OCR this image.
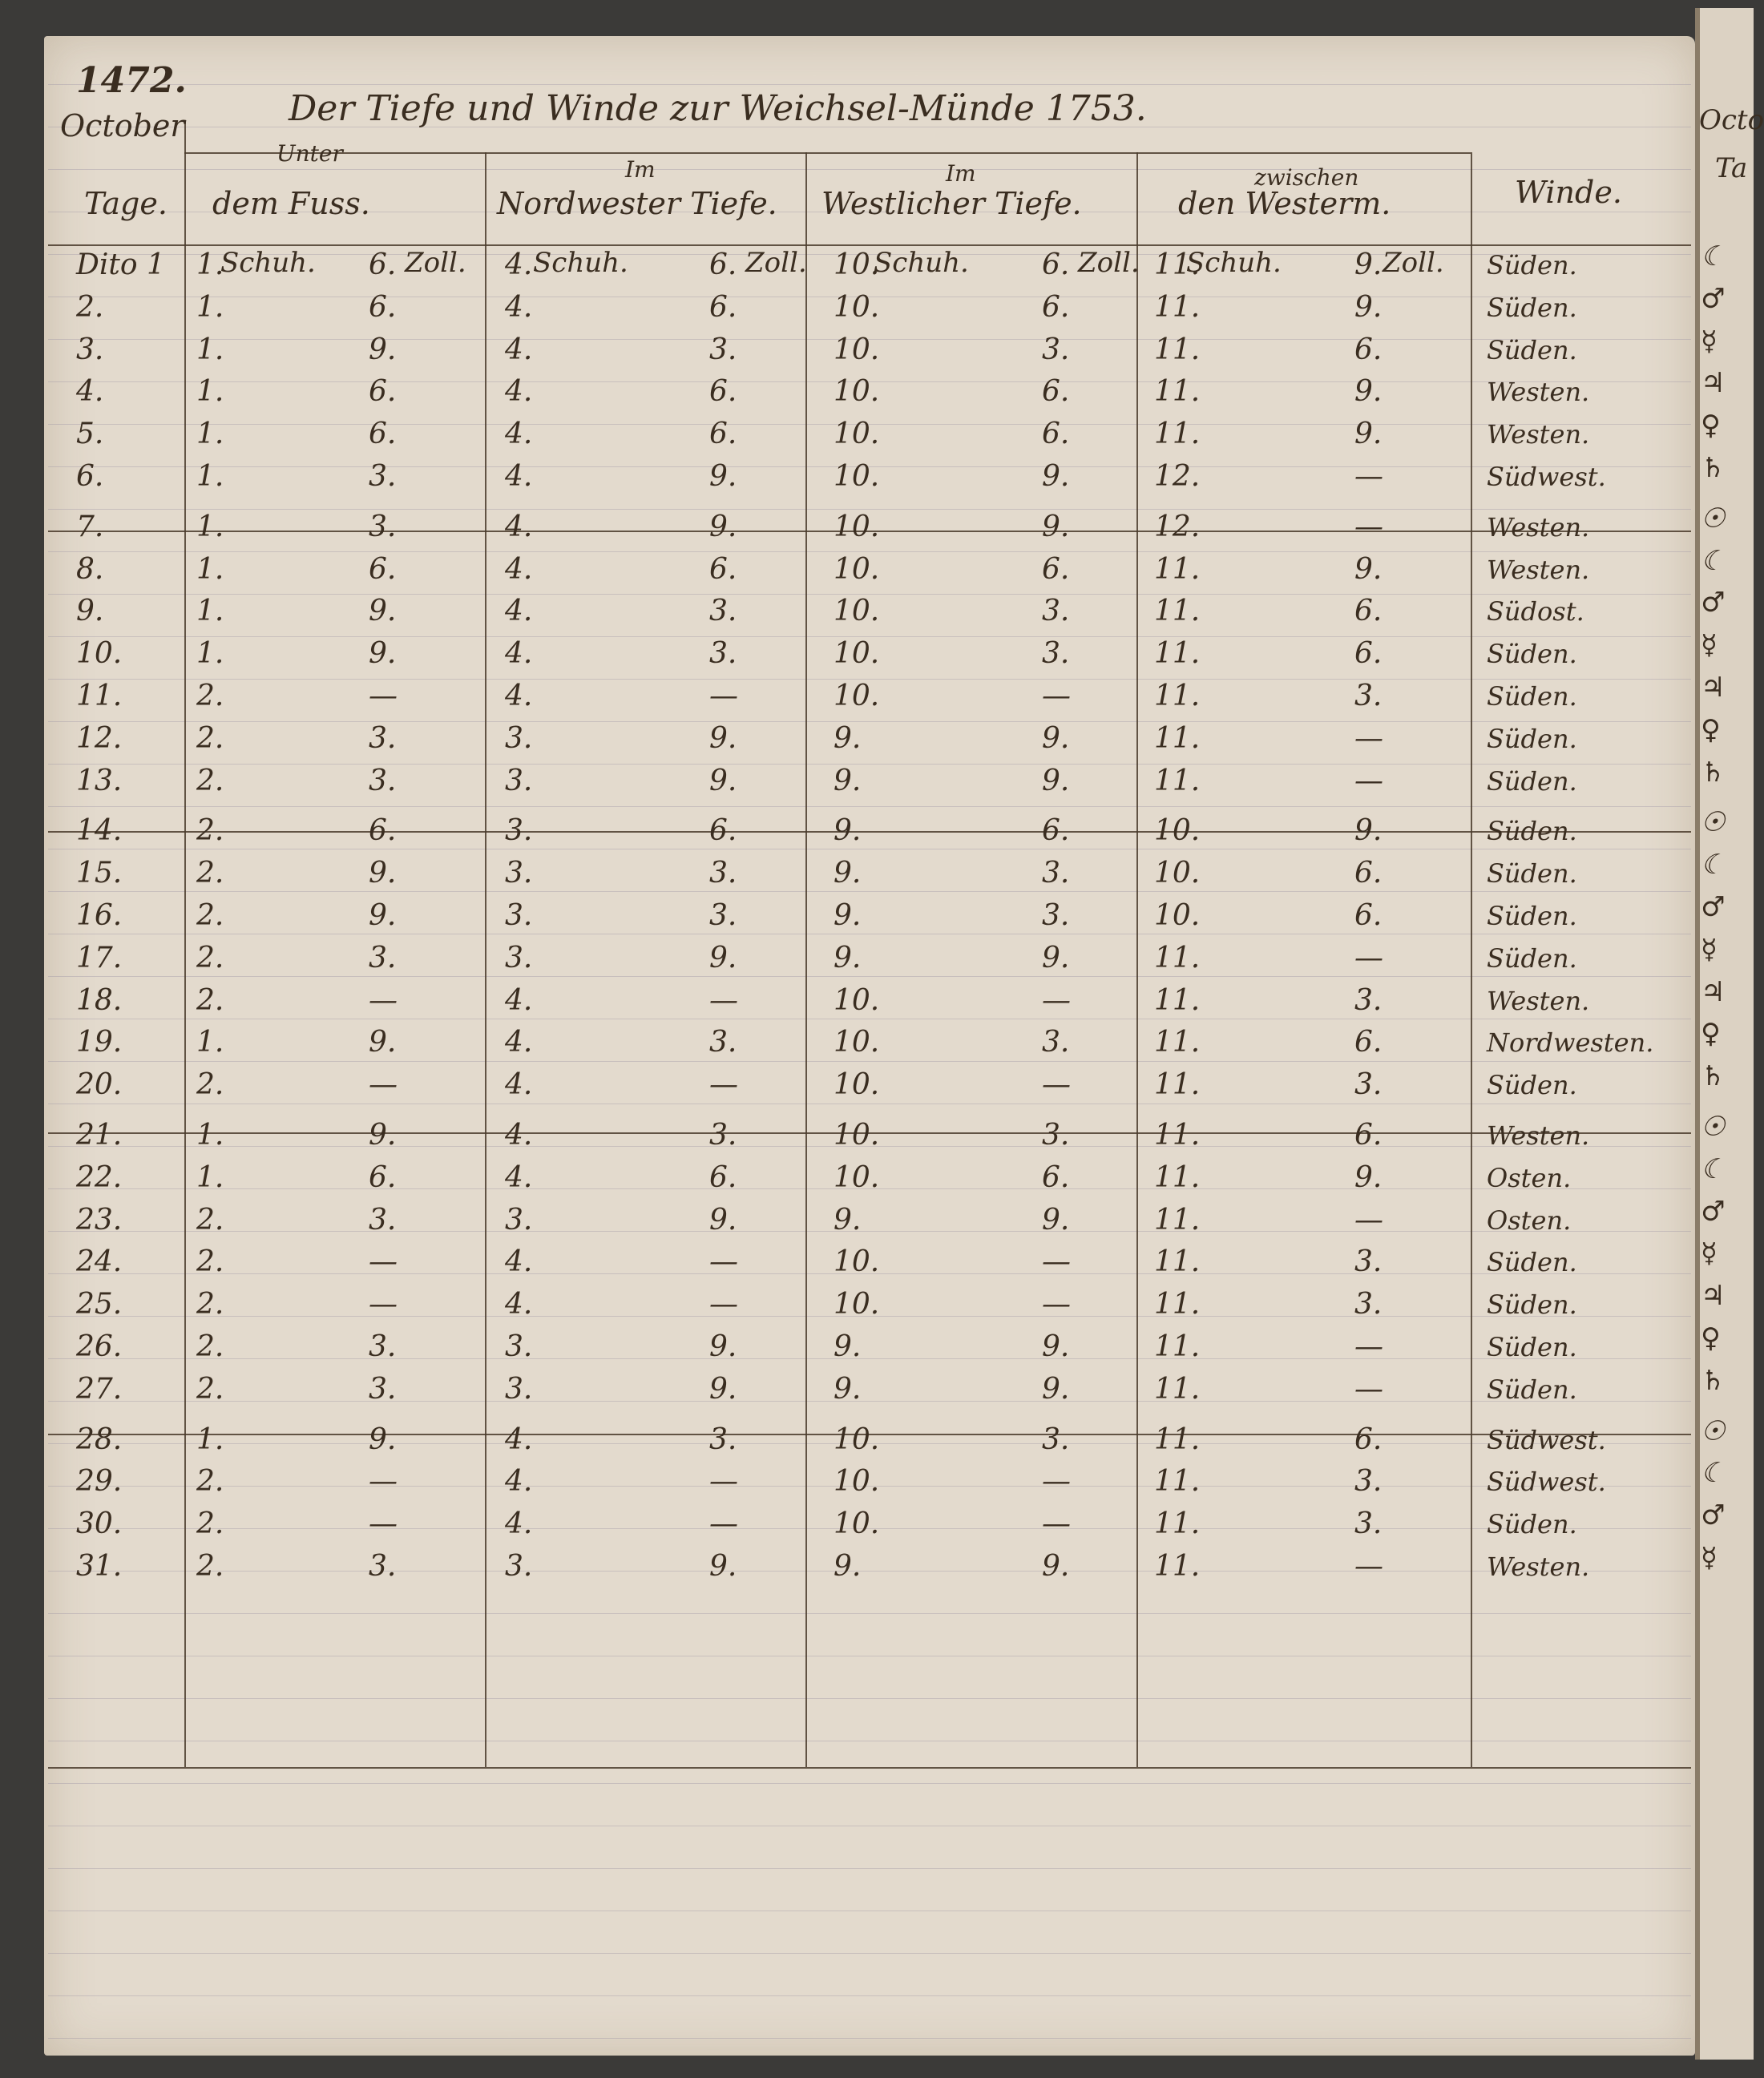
1472.
Der Tiefe und Winde zur Weichsel-Münde 1753.
October
Tage.
Unter
dem Fuss.
Im
Nordwester Tiefe.
Im
Westlicher Tiefe.
zwischen
den Westerm.	Winde.
Dito 1 1.	6.	4.	6.	10.	6.	11.	9.	Süden.
2.	1.	6.	4.	6.	10.	6.	11.	9.	Süden.
3.	1.	9.	4.	3.	10.	3.	11.	6.	Süden.
4.	1.	6.	4.	6.	10.	6.	11.	9.	Westen.
5.	1.	6.	4.	6.	10.	6.	11.	9.	Westen.
6.	1.	3.	4.	9.	10.	9.	12.	—	Südwest.
7.	1.	3.	4.	9.	10.	9.	12.	—	Westen.
8.	1.	6.	4.	6.	10.	6.	11.	9.	Westen.
9.	1.	9.	4.	3.	10.	3.	11.	6.	Südost.
10.	1.	9.	4.	3.	10.	3.	11.	6.	Süden.
11.	2.	—	4.	—	10.	—	11.	3.	Süden.
12.	2.	3.	3.	9.	9.	9.	11.	—	Süden.
13.	2.	3.	3.	9.	9.	9.	11.	—	Süden.
14.	2.	6.	3.	6.	9.	6.	10.	9.	Süden.
15.	2.	9.	3.	3.	9.	3.	10.	6.	Süden.
16.	2.	9.	3.	3.	9.	3.	10.	6.	Süden.
17.	2.	3.	3.	9.	9.	9.	11.	—	Süden.
18.	2.	—	4.	—	10.	—	11.	3.	Westen.
19.	1.	9.	4.	3.	10.	3.	11.	6.	Nordwesten.
20.	2.	—	4.	—	10.	—	11.	3.	Süden.
21.	1.	9.	4.	3.	10.	3.	11.	6.	Westen.
22.	1.	6.	4.	6.	10.	6.	11.	9.	Osten.
23.	2.	3.	3.	9.	9.	9.	11.	—	Osten.
24.	2.	—	4.	—	10.	—	11.	3.	Süden.
25.	2.	—	4.	—	10.	—	11.	3.	Süden.
26.	2.	3.	3.	9.	9.	9.	11.	—	Süden.
27.	2.	3.	3.	9.	9.	9.	11.	—	Süden.
28.	1.	9.	4.	3.	10.	3.	11.	6.	Südwest.
29.	2.	—	4.	—	10.	—	11.	3.	Südwest.
30.	2.	—	4.	—	10.	—	11.	3.	Süden.
31.	2.	3.	3.	9.	9.	9.	11.	—	Westen.
Schuh.	Schuh.	Schuh.	Schuh.
Zoll.	Zoll.	Zoll.	Zoll.
Octo
Ta
☾
♂
☿
♃
♀
♄
☉
☾
♂
☿
♃
♀
♄
☉
☾
♂
☿
♃
♀
♄
☉
☾
♂
☿
♃
♀
♄
☉
☾
♂
☿
